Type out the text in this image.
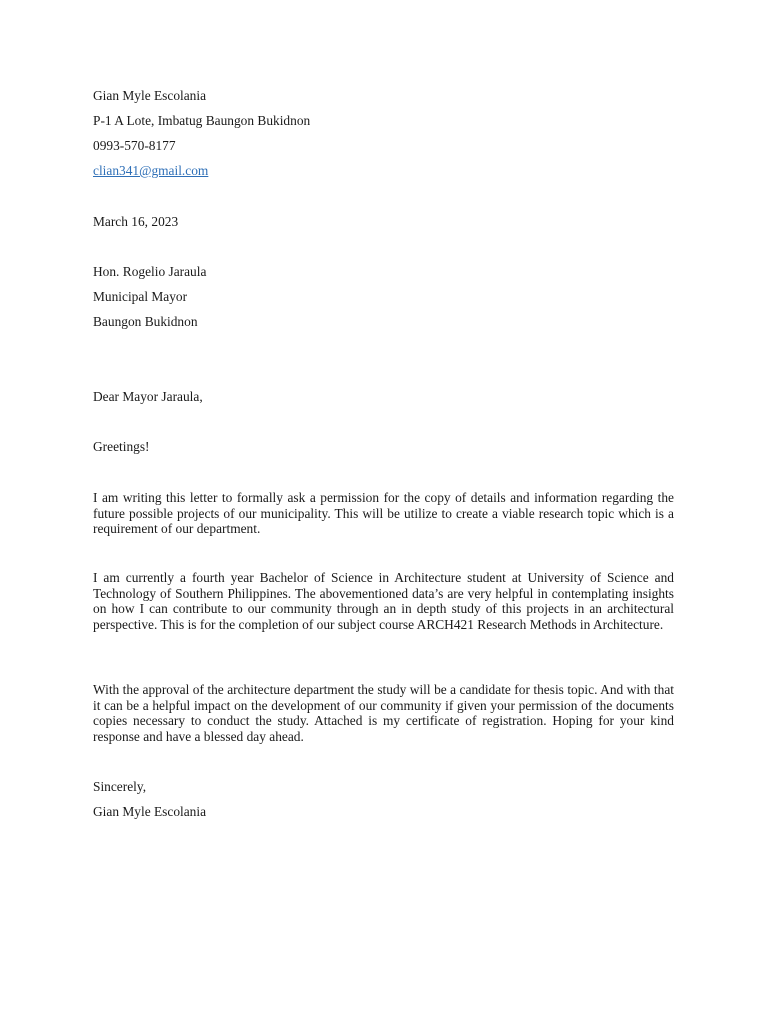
Gian Myle Escolania
P-1 A Lote, Imbatug Baungon Bukidnon
0993-570-8177
clian341@gmail.com
March 16, 2023
Hon. Rogelio Jaraula
Municipal Mayor
Baungon Bukidnon
Dear Mayor Jaraula,
Greetings!

I am writing this letter to formally ask a permission for the copy of details and information regarding the future possible projects of our municipality. This will be utilize to create a viable research topic which is a requirement of our department.

I am currently a fourth year Bachelor of Science in Architecture student at University of Science and Technology of Southern Philippines. The abovementioned data’s are very helpful in contemplating insights on how I can contribute to our community through an in depth study of this projects in an architectural perspective. This is for the completion of our subject course ARCH421 Research Methods in Architecture.

With the approval of the architecture department the study will be a candidate for thesis topic. And with that it can be a helpful impact on the development of our community if given your permission of the documents copies necessary to conduct the study. Attached is my certificate of registration. Hoping for your kind response and have a blessed day ahead.

Sincerely,
Gian Myle Escolania
